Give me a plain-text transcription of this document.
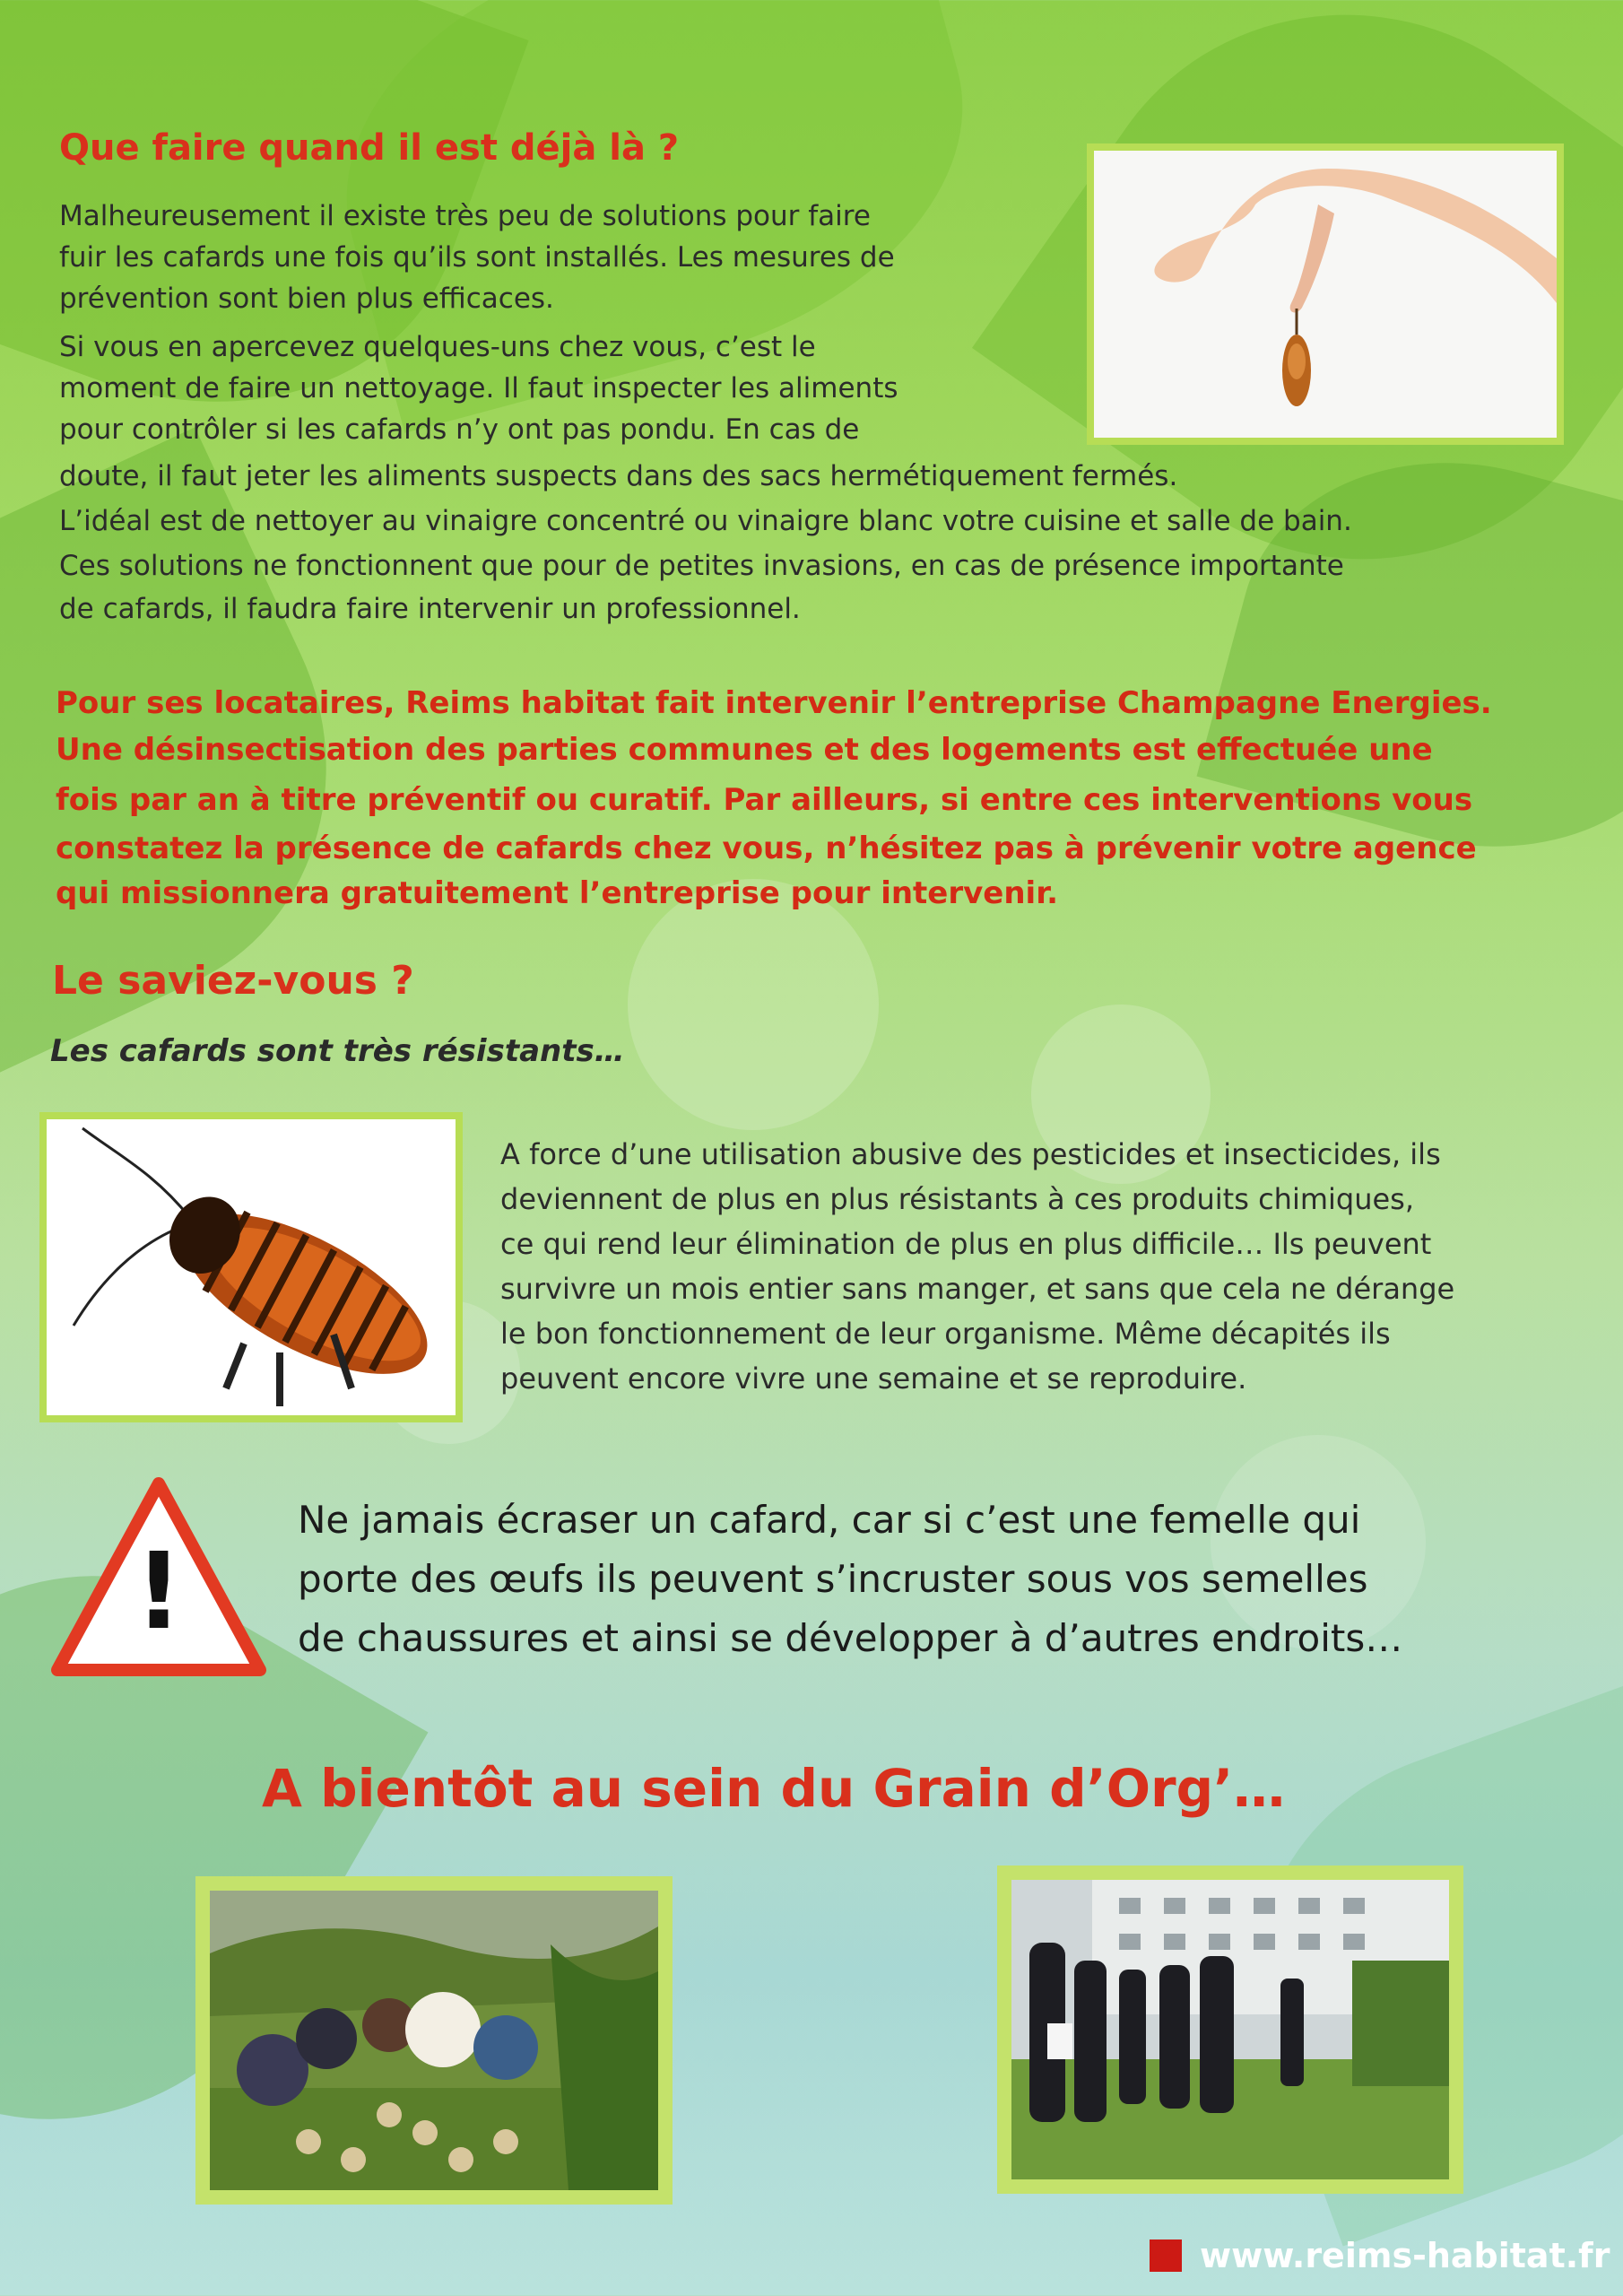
Que faire quand il est déjà là ?

Malheureusement il existe très peu de solutions pour faire

fuir les cafards une fois qu’ils sont installés. Les mesures de

prévention sont bien plus efficaces.

Si vous en apercevez quelques-uns chez vous, c’est le

moment de faire un nettoyage. Il faut inspecter les aliments

pour contrôler si les cafards n’y ont pas pondu. En cas de

doute, il faut jeter les aliments suspects dans des sacs hermétiquement fermés.

L’idéal est de nettoyer au vinaigre concentré ou vinaigre blanc votre cuisine et salle de bain.

Ces solutions ne fonctionnent que pour de petites invasions, en cas de présence importante

de cafards, il faudra faire intervenir un professionnel.

Pour ses locataires, Reims habitat fait intervenir l’entreprise Champagne Energies.

Une désinsectisation des parties communes et des logements est effectuée une

fois par an à titre préventif ou curatif. Par ailleurs, si entre ces interventions vous

constatez la présence de cafards chez vous, n’hésitez pas à prévenir votre agence

qui missionnera gratuitement l’entreprise pour intervenir.

Le saviez-vous ?

Les cafards sont très résistants…

A force d’une utilisation abusive des pesticides et insecticides, ils

deviennent de plus en plus résistants à ces produits chimiques,

ce qui rend leur élimination de plus en plus difficile… Ils peuvent

survivre un mois entier sans manger, et sans que cela ne dérange

le bon fonctionnement de leur organisme. Même décapités ils

peuvent encore vivre une semaine et se reproduire.

!

Ne jamais écraser un cafard, car si c’est une femelle qui

porte des œufs ils peuvent s’incruster sous vos semelles

de chaussures et ainsi se développer à d’autres endroits…

A bientôt au sein du Grain d’Org’…
www.reims-habitat.fr
